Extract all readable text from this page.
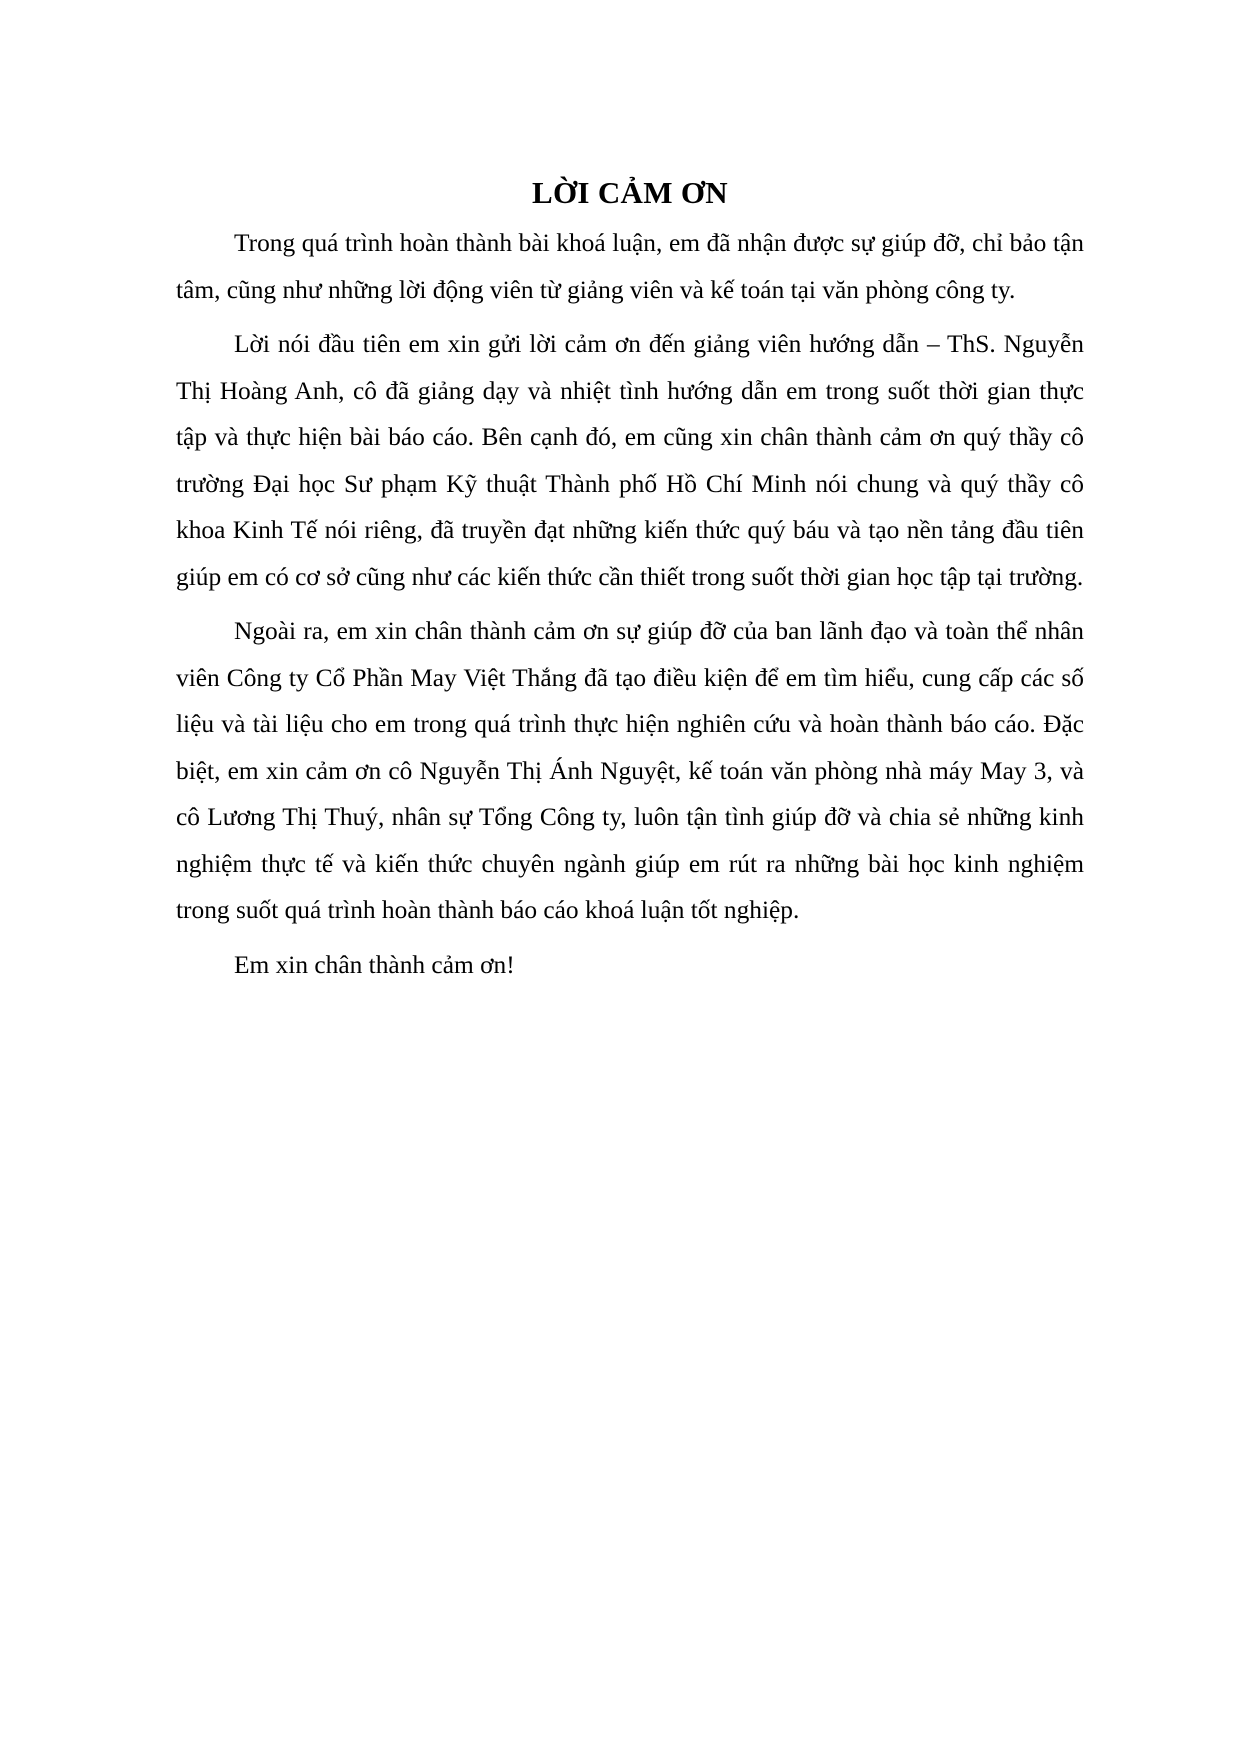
LỜI CẢM ƠN

Trong quá trình hoàn thành bài khoá luận, em đã nhận được sự giúp đỡ, chỉ bảo tận tâm, cũng như những lời động viên từ giảng viên và kế toán tại văn phòng công ty.

Lời nói đầu tiên em xin gửi lời cảm ơn đến giảng viên hướng dẫn – ThS. Nguyễn Thị Hoàng Anh, cô đã giảng dạy và nhiệt tình hướng dẫn em trong suốt thời gian thực tập và thực hiện bài báo cáo. Bên cạnh đó, em cũng xin chân thành cảm ơn quý thầy cô trường Đại học Sư phạm Kỹ thuật Thành phố Hồ Chí Minh nói chung và quý thầy cô khoa Kinh Tế nói riêng, đã truyền đạt những kiến thức quý báu và tạo nền tảng đầu tiên giúp em có cơ sở cũng như các kiến thức cần thiết trong suốt thời gian học tập tại trường.

Ngoài ra, em xin chân thành cảm ơn sự giúp đỡ của ban lãnh đạo và toàn thể nhân viên Công ty Cổ Phần May Việt Thắng đã tạo điều kiện để em tìm hiểu, cung cấp các số liệu và tài liệu cho em trong quá trình thực hiện nghiên cứu và hoàn thành báo cáo. Đặc biệt, em xin cảm ơn cô Nguyễn Thị Ánh Nguyệt, kế toán văn phòng nhà máy May 3, và cô Lương Thị Thuý, nhân sự Tổng Công ty, luôn tận tình giúp đỡ và chia sẻ những kinh nghiệm thực tế và kiến thức chuyên ngành giúp em rút ra những bài học kinh nghiệm trong suốt quá trình hoàn thành báo cáo khoá luận tốt nghiệp.

Em xin chân thành cảm ơn!
